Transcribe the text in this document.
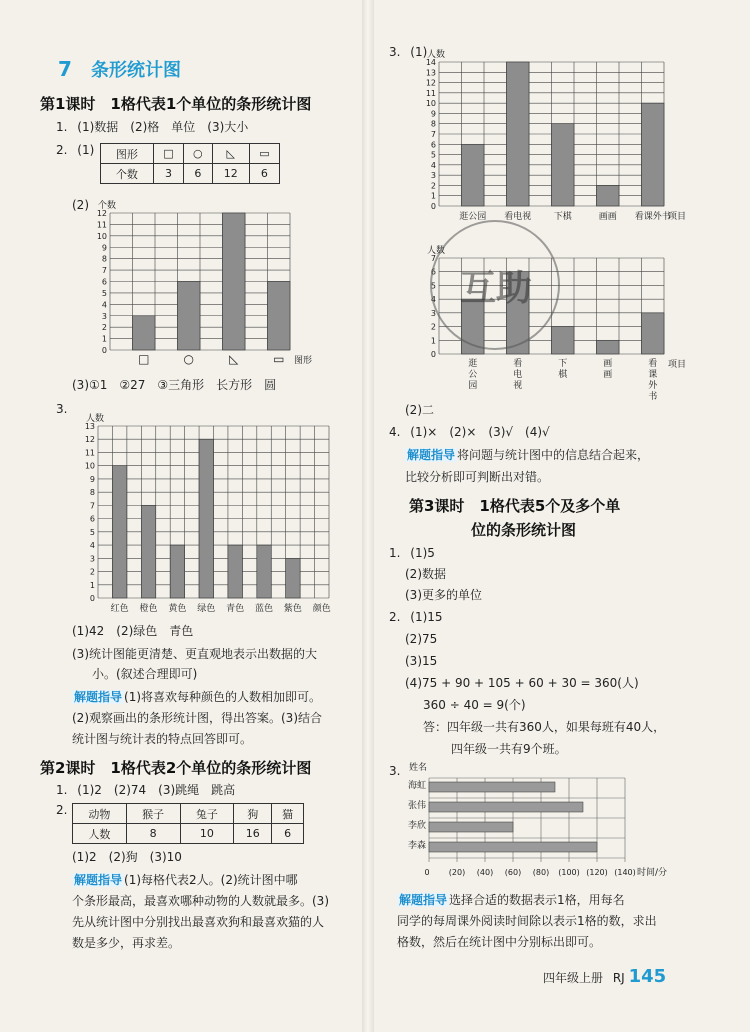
7 条形统计图
第1课时　1格代表1个单位的条形统计图
1. (1)数据　(2)格　单位　(3)大小
2. (1) 图形	□	○	◺	▭
个数	3	6	12	6
(2)
0
1
2
3
4
5
6
7
8
9
10
11
12
个数
□	○	◺	▭ 图形
(3)①1　②27　③三角形　长方形　圆
3.
0
1
2
3
4
5
6
7
8
9
10
11
12
13
人数
红色 橙色 黄色 绿色 青色 蓝色 紫色 颜色
(1)42　(2)绿色　青色
(3)统计图能更清楚、更直观地表示出数据的大
小。(叙述合理即可)
解题指导 (1)将喜欢每种颜色的人数相加即可。
(2)观察画出的条形统计图，得出答案。(3)结合
统计图与统计表的特点回答即可。
第2课时　1格代表2个单位的条形统计图
1. (1)2　(2)74　(3)跳绳　跳高
2. 动物	猴子	兔子	狗	猫
人数	8	10	16	6
(1)2　(2)狗　(3)10
解题指导 (1)每格代表2人。(2)统计图中哪
个条形最高，最喜欢哪种动物的人数就最多。(3)
先从统计图中分别找出最喜欢狗和最喜欢猫的人
数是多少，再求差。
3. (1)
0
1
2
3
4
5
6
7
8
9
10
11
12
13
14
人数
逛公园 看电视 下棋	画画 看课外书
项目
0
1
2
3
4
5
6
7
人数
逛
公
园
看
电
视
下
棋
画
画
看
课
外
书
项目
(2)二
4. (1)×　(2)×　(3)√　(4)√
解题指导 将问题与统计图中的信息结合起来，
比较分析即可判断出对错。
第3课时　1格代表5个及多个单
位的条形统计图
1. (1)5
(2)数据
(3)更多的单位
2. (1)15
(2)75
(3)15
(4)75 + 90 + 105 + 60 + 30 = 360(人)
360 ÷ 40 = 9(个)
答：四年级一共有360人，如果每班有40人，
四年级一共有9个班。
3. 姓名
海虹
张伟
李欣
李森
0 (20) (40) (60) (80) (100) (120) (140) 时间/分
解题指导 选择合适的数据表示1格，用每名
同学的每周课外阅读时间除以表示1格的数，求出
格数，然后在统计图中分别标出即可。
四年级上册 RJ 145
互助
